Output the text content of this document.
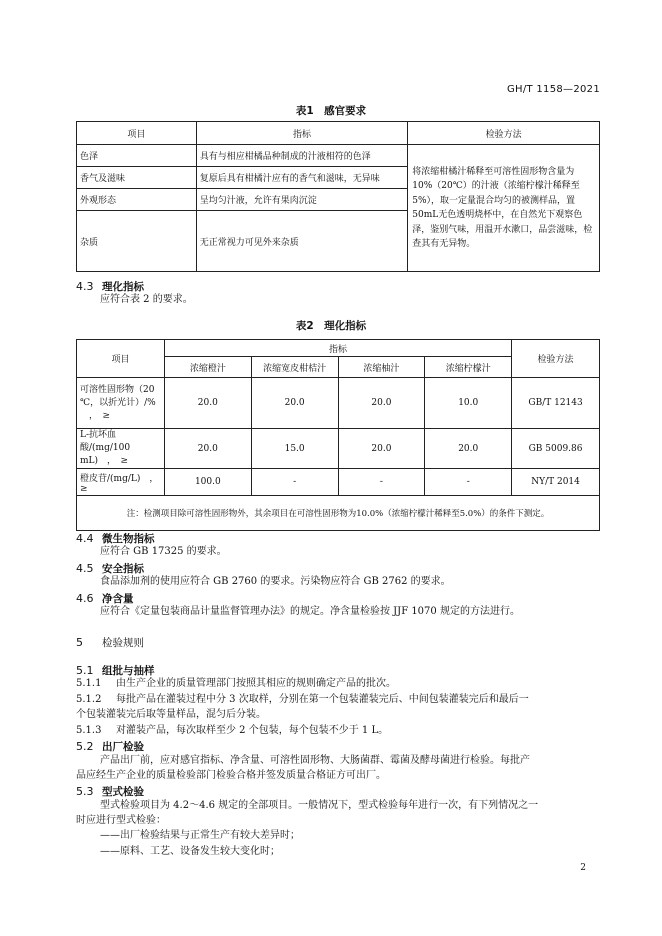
GH/T 1158—2021
表1　感官要求
项目	指标	检验方法
色泽	具有与相应柑橘品种制成的汁液相符的色泽	将浓缩柑橘汁稀释至可溶性固形物含量为10%（20℃）的汁液（浓缩柠檬汁稀释至5%），取一定量混合均匀的被测样品，置50mL无色透明烧杯中，在自然光下观察色泽，鉴别气味，用温开水漱口，品尝滋味，检查其有无异物。
香气及滋味	复原后具有柑橘汁应有的香气和滋味，无异味	
外观形态	呈均匀汁液，允许有果肉沉淀	
杂质	无正常视力可见外来杂质	
4.3 理化指标
应符合表 2 的要求。
表2　理化指标
项目	指标				检验方法
	浓缩橙汁	浓缩宽皮柑桔汁	浓缩柚汁	浓缩柠檬汁	
可溶性固形物（20 ℃，以折光计）/% 　，　≥	20.0	20.0	20.0	10.0	GB/T 12143
L-抗坏血酸/(mg/100 mL)　，　≥	20.0	15.0	20.0	20.0	GB 5009.86
橙皮苷/(mg/L)　，≥	100.0	-	-	-	NY/T 2014
注：检测项目除可溶性固形物外，其余项目在可溶性固形物为10.0%（浓缩柠檬汁稀释至5.0%）的条件下测定。					
4.4 微生物指标
应符合 GB 17325 的要求。
4.5 安全指标
食品添加剂的使用应符合 GB 2760 的要求。污染物应符合 GB 2762 的要求。
4.6 净含量
应符合《定量包装商品计量监督管理办法》的规定。净含量检验按 JJF 1070 规定的方法进行。
5 检验规则
5.1 组批与抽样
5.1.1 由生产企业的质量管理部门按照其相应的规则确定产品的批次。
5.1.2 每批产品在灌装过程中分 3 次取样，分别在第一个包装灌装完后、中间包装灌装完后和最后一
个包装灌装完后取等量样品，混匀后分装。
5.1.3 对灌装产品，每次取样至少 2 个包装，每个包装不少于 1 L。
5.2 出厂检验
产品出厂前，应对感官指标、净含量、可溶性固形物、大肠菌群、霉菌及酵母菌进行检验。每批产
品应经生产企业的质量检验部门检验合格并签发质量合格证方可出厂。
5.3 型式检验
型式检验项目为 4.2～4.6 规定的全部项目。一般情况下，型式检验每年进行一次，有下列情况之一
时应进行型式检验：
——出厂检验结果与正常生产有较大差异时；
——原料、工艺、设备发生较大变化时；
2
